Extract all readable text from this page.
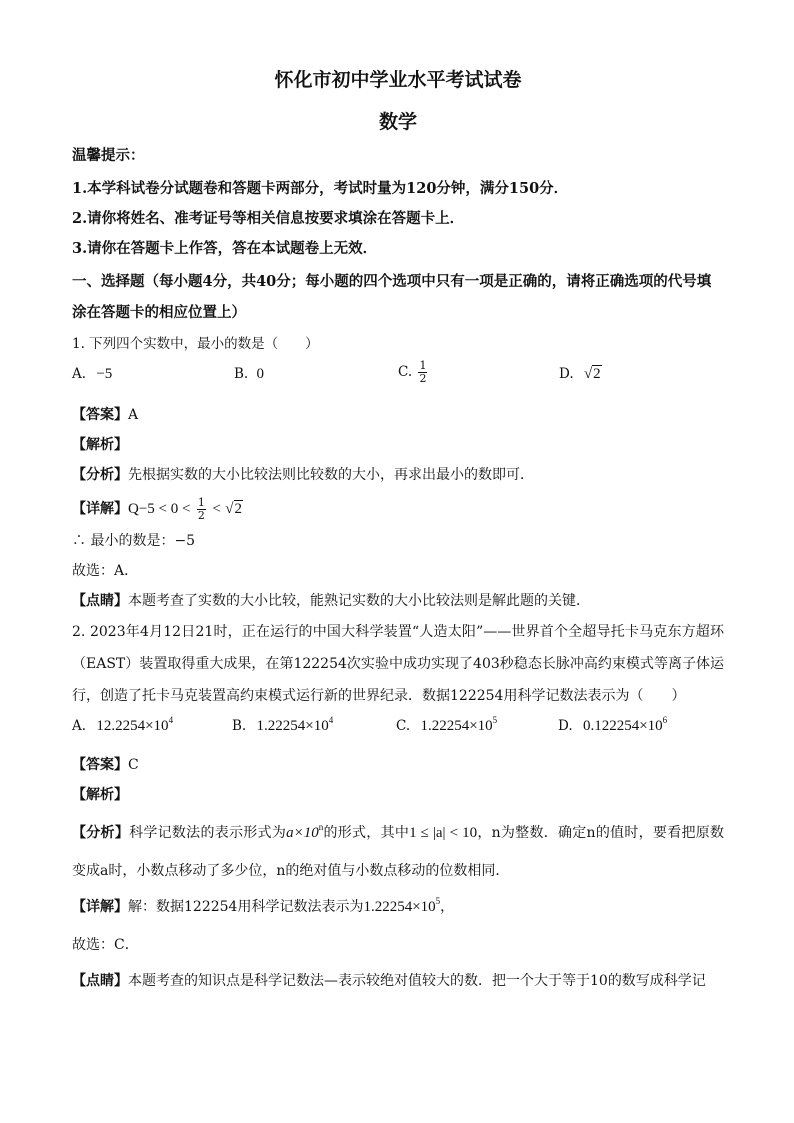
怀化市初中学业水平考试试卷
数学
温馨提示：
1.本学科试卷分试题卷和答题卡两部分，考试时量为120分钟，满分150分．
2.请你将姓名、准考证号等相关信息按要求填涂在答题卡上．
3.请你在答题卡上作答，答在本试题卷上无效．
一、选择题（每小题4分，共40分；每小题的四个选项中只有一项是正确的，请将正确选项的代号填涂在答题卡的相应位置上）
1. 下列四个实数中，最小的数是（　　）
A. −5	B. 0	C. $\frac{1}{2}$	D. √2
【答案】A
【解析】
【分析】先根据实数的大小比较法则比较数的大小，再求出最小的数即可．
【详解】$Q-5 < 0 < \frac{1}{2} < √2$
∴ 最小的数是：−5
故选：A．
【点睛】本题考查了实数的大小比较，能熟记实数的大小比较法则是解此题的关键．
2. 2023年4月12日21时，正在运行的中国大科学装置“人造太阳”——世界首个全超导托卡马克东方超环（EAST）装置取得重大成果，在第122254次实验中成功实现了403秒稳态长脉冲高约束模式等离子体运行，创造了托卡马克装置高约束模式运行新的世界纪录．数据122254用科学记数法表示为（　　）
A. $12.2254\times 10^4$	B. $1.22254\times 10^4$	C. $1.22254\times 10^5$	D. $0.122254\times 10^6$
【答案】C
【解析】
【分析】科学记数法的表示形式为$a\times 10^n$的形式，其中1 ≤ |a| < 10，n为整数．确定n的值时，要看把原数变成a时，小数点移动了多少位，n的绝对值与小数点移动的位数相同．
【详解】解：数据122254用科学记数法表示为$1.22254\times 10^5$，
故选：C．
【点睛】本题考查的知识点是科学记数法—表示较绝对值较大的数．把一个大于等于10的数写成科学记
